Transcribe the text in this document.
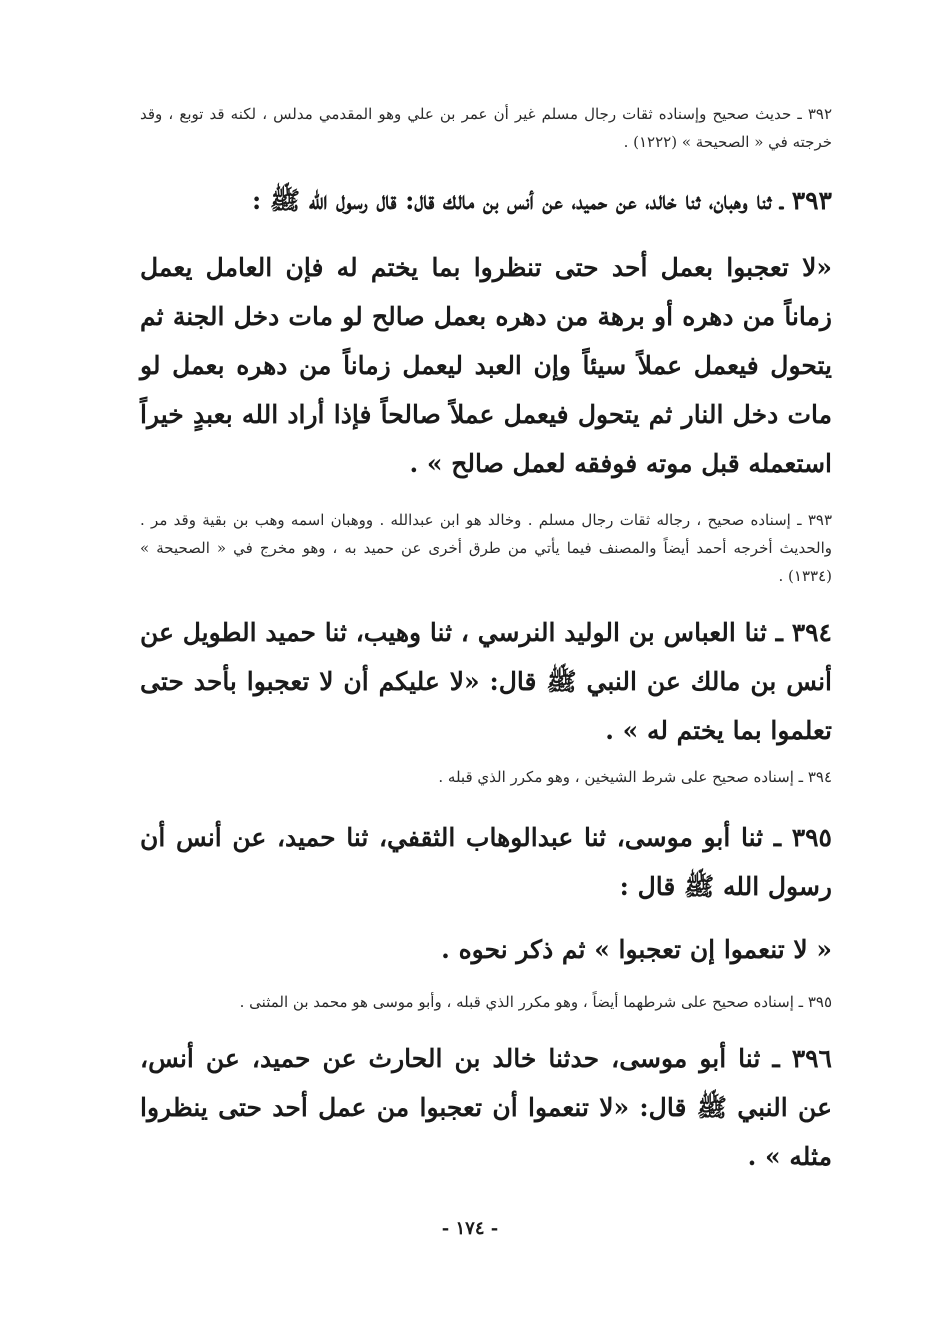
٣٩٢ ـ حديث صحيح وإسناده ثقات رجال مسلم غير أن عمر بن علي وهو المقدمي مدلس ، لكنه قد توبع ، وقد خرجته في « الصحيحة » (١٢٢٢) .

٣٩٣ ـ ثنا وهبان، ثنا خالد، عن حميد، عن أنس بن مالك قال: قال رسول الله ﷺ :

«لا تعجبوا بعمل أحد حتى تنظروا بما يختم له فإن العامل يعمل زماناً من دهره أو برهة من دهره بعمل صالح لو مات دخل الجنة ثم يتحول فيعمل عملاً سيئاً وإن العبد ليعمل زماناً من دهره بعمل لو مات دخل النار ثم يتحول فيعمل عملاً صالحاً فإذا أراد الله بعبدٍ خيراً استعمله قبل موته فوفقه لعمل صالح » .

٣٩٣ ـ إسناده صحيح ، رجاله ثقات رجال مسلم . وخالد هو ابن عبدالله . ووهبان اسمه وهب بن بقية وقد مر . والحديث أخرجه أحمد أيضاً والمصنف فيما يأتي من طرق أخرى عن حميد به ، وهو مخرج في « الصحيحة » (١٣٣٤) .

٣٩٤ ـ ثنا العباس بن الوليد النرسي ، ثنا وهيب، ثنا حميد الطويل عن أنس بن مالك عن النبي ﷺ قال: «لا عليكم أن لا تعجبوا بأحد حتى تعلموا بما يختم له » .

٣٩٤ ـ إسناده صحيح على شرط الشيخين ، وهو مكرر الذي قبله .

٣٩٥ ـ ثنا أبو موسى، ثنا عبدالوهاب الثقفي، ثنا حميد، عن أنس أن رسول الله ﷺ قال :

« لا تنعموا إن تعجبوا » ثم ذكر نحوه .

٣٩٥ ـ إسناده صحيح على شرطهما أيضاً ، وهو مكرر الذي قبله ، وأبو موسى هو محمد بن المثنى .

٣٩٦ ـ ثنا أبو موسى، حدثنا خالد بن الحارث عن حميد، عن أنس، عن النبي ﷺ قال: «لا تنعموا أن تعجبوا من عمل أحد حتى ينظروا مثله » .

- ١٧٤ -
